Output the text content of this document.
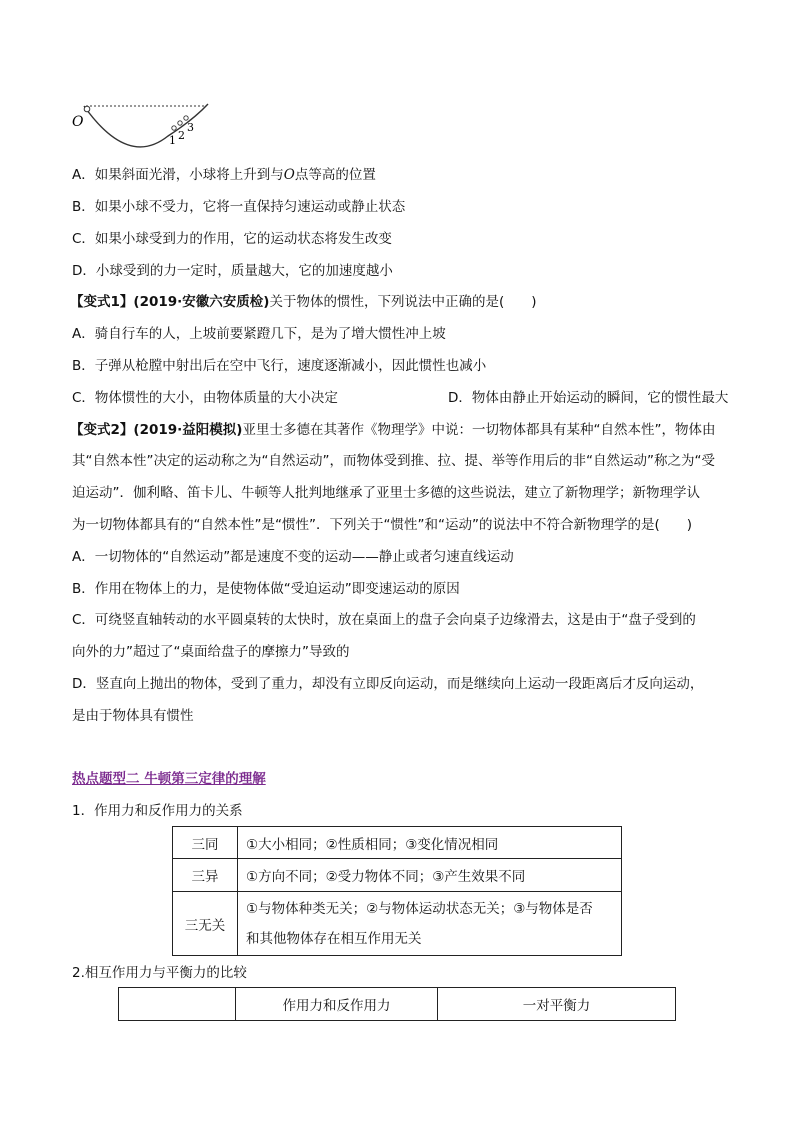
O
1 2
3
A．如果斜面光滑，小球将上升到与O点等高的位置
B．如果小球不受力，它将一直保持匀速运动或静止状态
C．如果小球受到力的作用，它的运动状态将发生改变
D．小球受到的力一定时，质量越大，它的加速度越小
【变式1】(2019·安徽六安质检)关于物体的惯性，下列说法中正确的是(　　)
A．骑自行车的人，上坡前要紧蹬几下，是为了增大惯性冲上坡
B．子弹从枪膛中射出后在空中飞行，速度逐渐减小，因此惯性也减小
C．物体惯性的大小，由物体质量的大小决定	D．物体由静止开始运动的瞬间，它的惯性最大
【变式2】(2019·益阳模拟)亚里士多德在其著作《物理学》中说：一切物体都具有某种“自然本性”，物体由
其“自然本性”决定的运动称之为“自然运动”，而物体受到推、拉、提、举等作用后的非“自然运动”称之为“受
迫运动”．伽利略、笛卡儿、牛顿等人批判地继承了亚里士多德的这些说法，建立了新物理学；新物理学认
为一切物体都具有的“自然本性”是“惯性”．下列关于“惯性”和“运动”的说法中不符合新物理学的是(　　)
A．一切物体的“自然运动”都是速度不变的运动——静止或者匀速直线运动
B．作用在物体上的力，是使物体做“受迫运动”即变速运动的原因
C．可绕竖直轴转动的水平圆桌转的太快时，放在桌面上的盘子会向桌子边缘滑去，这是由于“盘子受到的
向外的力”超过了“桌面给盘子的摩擦力”导致的
D．竖直向上抛出的物体，受到了重力，却没有立即反向运动，而是继续向上运动一段距离后才反向运动，
是由于物体具有惯性
热点题型二 牛顿第三定律的理解
1．作用力和反作用力的关系
三同	①大小相同；②性质相同；③变化情况相同
三异	①方向不同；②受力物体不同；③产生效果不同
三无关	①与物体种类无关；②与物体运动状态无关；③与物体是否
和其他物体存在相互作用无关
2.相互作用力与平衡力的比较
	作用力和反作用力	一对平衡力
